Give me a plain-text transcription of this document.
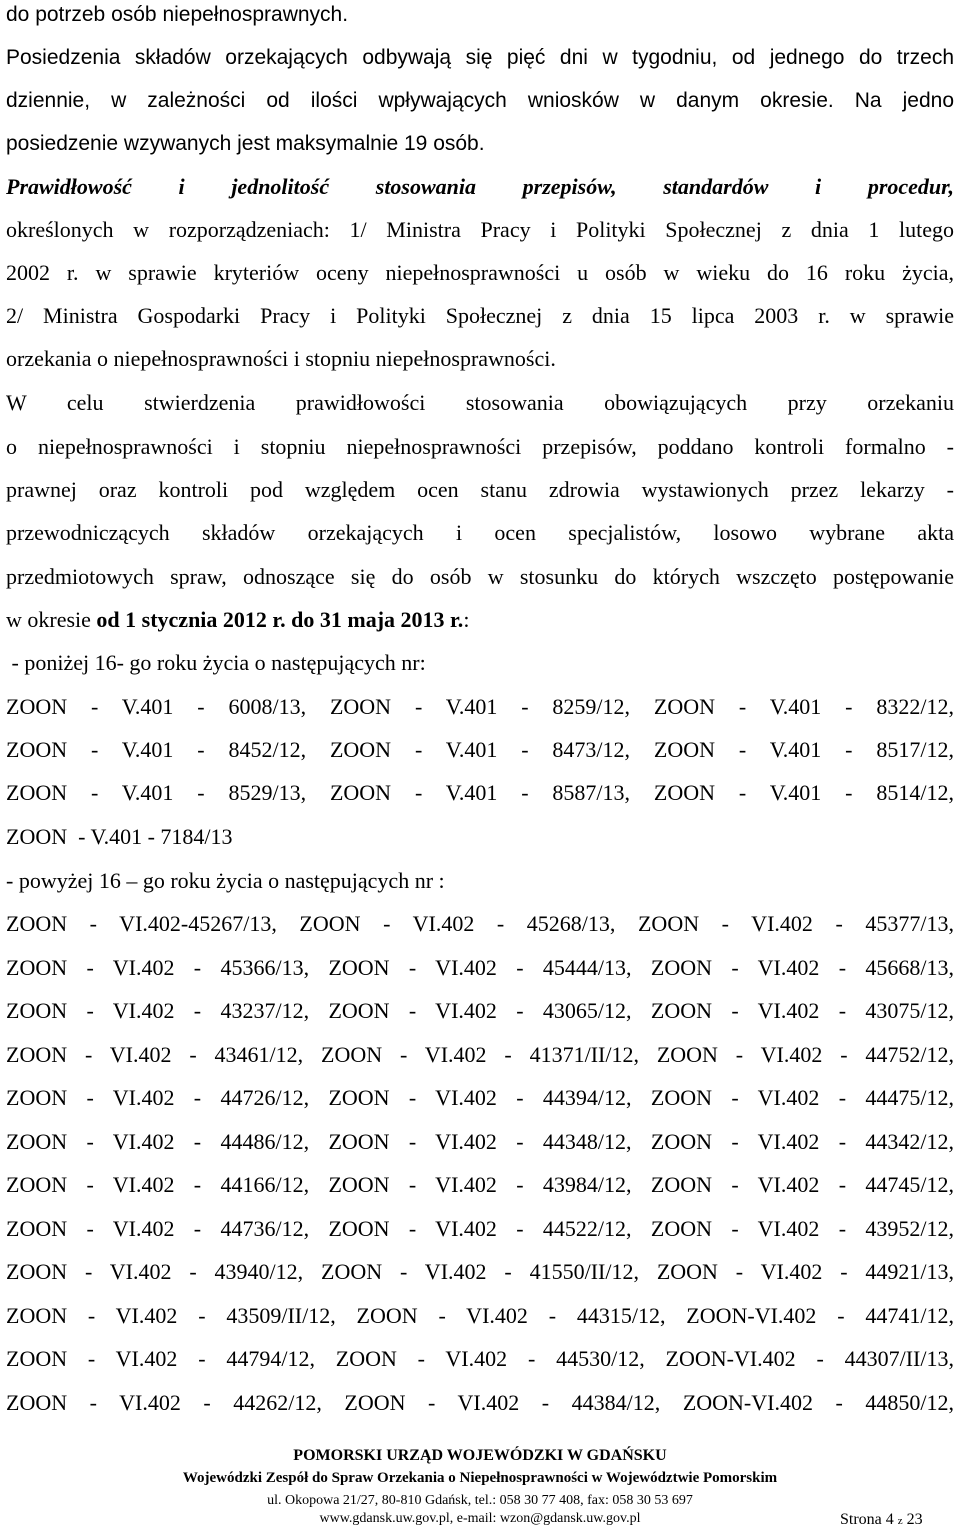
do potrzeb osób niepełnosprawnych.

Posiedzenia składów orzekających odbywają się pięć dni w tygodniu, od jednego do trzech

dziennie, w zależności od ilości wpływających wniosków w danym okresie. Na jedno

posiedzenie wzywanych jest maksymalnie 19 osób.

Prawidłowość i jednolitość stosowania przepisów, standardów i procedur,

określonych w rozporządzeniach: 1/ Ministra Pracy i Polityki Społecznej z dnia 1 lutego

2002 r. w sprawie kryteriów oceny niepełnosprawności u osób w wieku do 16 roku życia,

2/ Ministra Gospodarki Pracy i Polityki Społecznej z dnia 15 lipca 2003 r. w sprawie

orzekania o niepełnosprawności i stopniu niepełnosprawności.

W celu stwierdzenia prawidłowości stosowania obowiązujących przy orzekaniu

o niepełnosprawności i stopniu niepełnosprawności przepisów, poddano kontroli formalno -

prawnej oraz kontroli pod względem ocen stanu zdrowia wystawionych przez lekarzy -

przewodniczących składów orzekających i ocen specjalistów, losowo wybrane akta

przedmiotowych spraw, odnoszące się do osób w stosunku do których wszczęto postępowanie

w okresie od 1 stycznia 2012 r. do 31 maja 2013 r.:

- poniżej 16- go roku życia o następujących nr:

ZOON - V.401 - 6008/13, ZOON - V.401 - 8259/12, ZOON - V.401 - 8322/12,

ZOON - V.401 - 8452/12, ZOON - V.401 - 8473/12, ZOON - V.401 - 8517/12,

ZOON - V.401 - 8529/13, ZOON - V.401 - 8587/13, ZOON - V.401 - 8514/12,

ZOON  - V.401 - 7184/13

- powyżej 16 – go roku życia o następujących nr :

ZOON - VI.402-45267/13, ZOON - VI.402 - 45268/13, ZOON - VI.402 - 45377/13,

ZOON - VI.402 - 45366/13, ZOON - VI.402 - 45444/13, ZOON - VI.402 - 45668/13,

ZOON - VI.402 - 43237/12, ZOON - VI.402 - 43065/12, ZOON - VI.402 - 43075/12,

ZOON - VI.402 - 43461/12, ZOON - VI.402 - 41371/II/12, ZOON - VI.402 - 44752/12,

ZOON - VI.402 - 44726/12, ZOON - VI.402 - 44394/12, ZOON - VI.402 - 44475/12,

ZOON - VI.402 - 44486/12, ZOON - VI.402 - 44348/12, ZOON - VI.402 - 44342/12,

ZOON - VI.402 - 44166/12, ZOON - VI.402 - 43984/12, ZOON - VI.402 - 44745/12,

ZOON - VI.402 - 44736/12, ZOON - VI.402 - 44522/12, ZOON - VI.402 - 43952/12,

ZOON - VI.402 - 43940/12, ZOON - VI.402 - 41550/II/12, ZOON - VI.402 - 44921/13,

ZOON - VI.402 - 43509/II/12, ZOON - VI.402 - 44315/12, ZOON-VI.402 - 44741/12,

ZOON - VI.402 - 44794/12, ZOON - VI.402 - 44530/12, ZOON-VI.402 - 44307/II/13,

ZOON - VI.402 - 44262/12, ZOON - VI.402 - 44384/12, ZOON-VI.402 - 44850/12,

POMORSKI URZĄD WOJEWÓDZKI W GDAŃSKU
Wojewódzki Zespół do Spraw Orzekania o Niepełnosprawności w Województwie Pomorskim
ul. Okopowa 21/27, 80-810 Gdańsk, tel.: 058 30 77 408, fax: 058 30 53 697
www.gdansk.uw.gov.pl, e-mail: wzon@gdansk.uw.gov.pl	Strona 4 z 23
